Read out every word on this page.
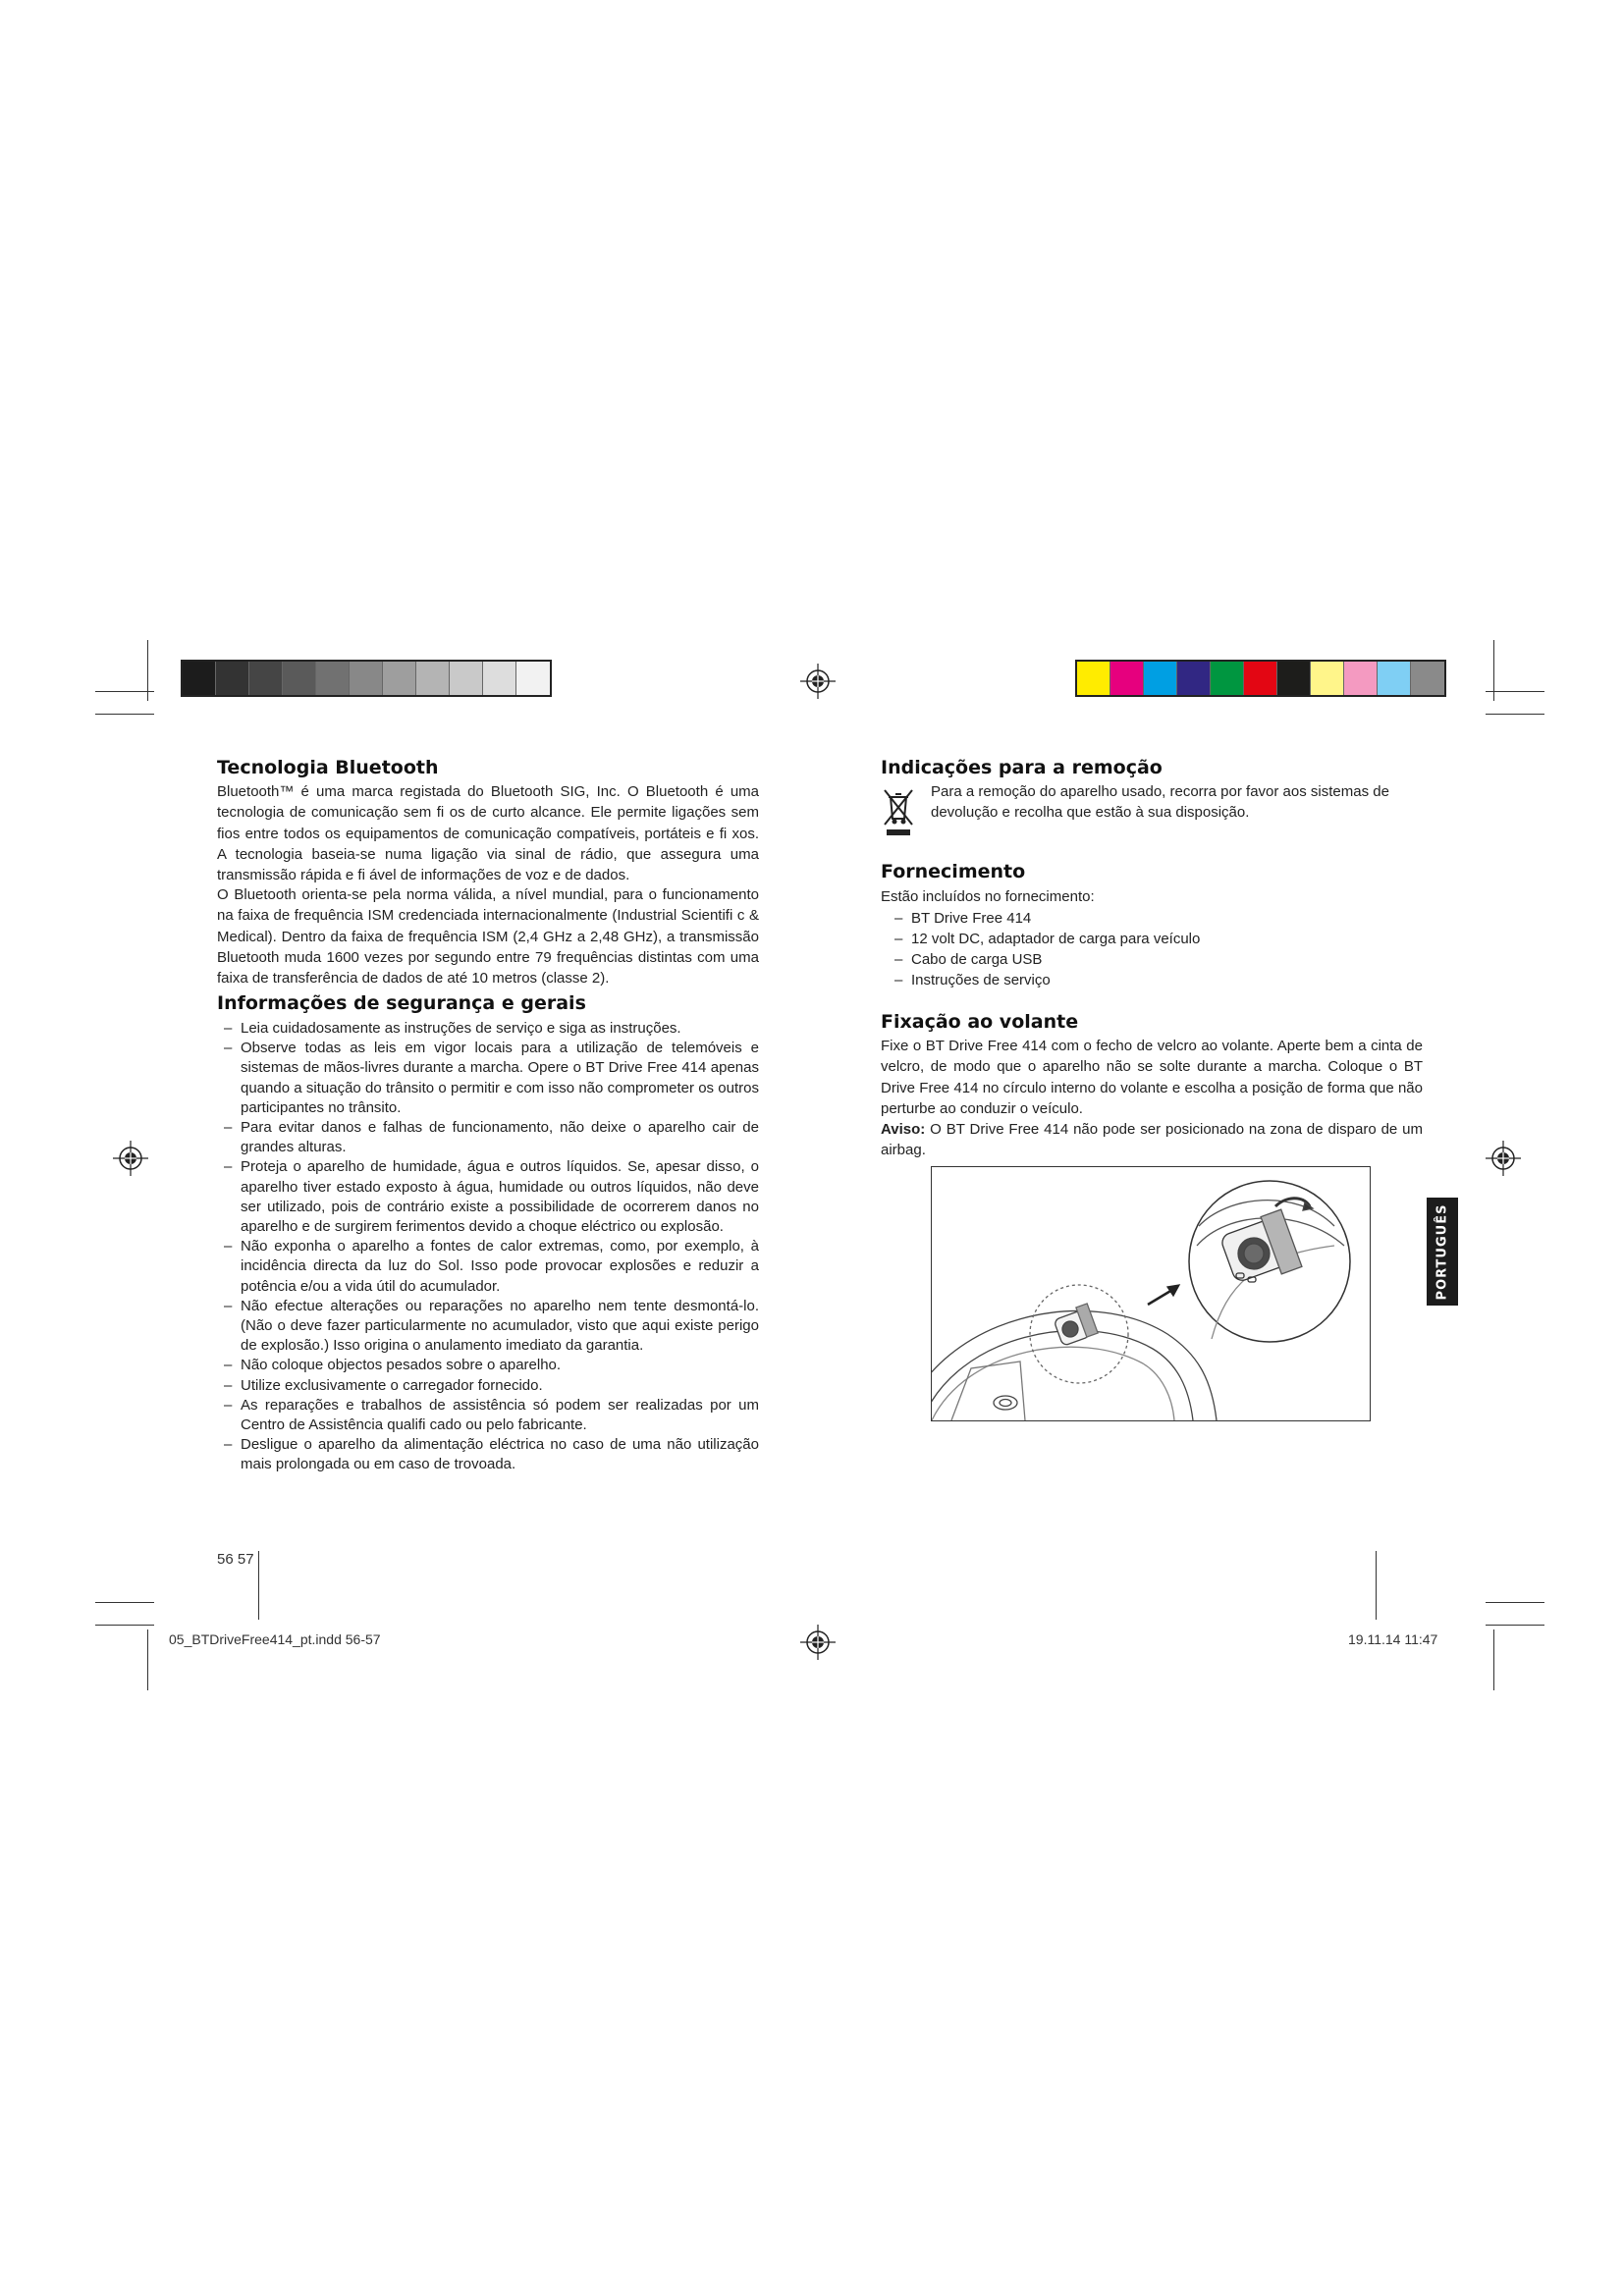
Tecnologia Bluetooth

Bluetooth™ é uma marca registada do Bluetooth SIG, Inc. O Bluetooth é uma tecnologia de comunicação sem fi os de curto alcance. Ele permite ligações sem fios entre todos os equipamentos de comunicação compatíveis, portáteis e fi xos. A tecnologia baseia-se numa ligação via sinal de rádio, que assegura uma transmissão rápida e fi ável de informações de voz e de dados.

O Bluetooth orienta-se pela norma válida, a nível mundial, para o funcionamento na faixa de frequência ISM credenciada internacionalmente (Industrial Scientifi c & Medical). Dentro da faixa de frequência ISM (2,4 GHz a 2,48 GHz), a transmissão Bluetooth muda 1600 vezes por segundo entre 79 frequências distintas com uma faixa de transferência de dados de até 10 metros (classe 2).

Informações de segurança e gerais
– Leia cuidadosamente as instruções de serviço e siga as instruções.
– Observe todas as leis em vigor locais para a utilização de telemóveis e sistemas de mãos-livres durante a marcha. Opere o BT Drive Free 414 apenas quando a situação do trânsito o permitir e com isso não comprometer os outros participantes no trânsito.
– Para evitar danos e falhas de funcionamento, não deixe o aparelho cair de grandes alturas.
– Proteja o aparelho de humidade, água e outros líquidos. Se, apesar disso, o aparelho tiver estado exposto à água, humidade ou outros líquidos, não deve ser utilizado, pois de contrário existe a possibilidade de ocorrerem danos no aparelho e de surgirem ferimentos devido a choque eléctrico ou explosão.
– Não exponha o aparelho a fontes de calor extremas, como, por exemplo, à incidência directa da luz do Sol. Isso pode provocar explosões e reduzir a potência e/ou a vida útil do acumulador.
– Não efectue alterações ou reparações no aparelho nem tente desmontá-lo. (Não o deve fazer particularmente no acumulador, visto que aqui existe perigo de explosão.) Isso origina o anulamento imediato da garantia.
– Não coloque objectos pesados sobre o aparelho.
– Utilize exclusivamente o carregador fornecido.
– As reparações e trabalhos de assistência só podem ser realizadas por um Centro de Assistência qualifi cado ou pelo fabricante.
– Desligue o aparelho da alimentação eléctrica no caso de uma não utilização mais prolongada ou em caso de trovoada.
56 57
Indicações para a remoção

Para a remoção do aparelho usado, recorra por favor aos sistemas de devolução e recolha que estão à sua disposição.

Fornecimento

Estão incluídos no fornecimento:

– BT Drive Free 414
– 12 volt DC, adaptador de carga para veículo
– Cabo de carga USB
– Instruções de serviço
Fixação ao volante

Fixe o BT Drive Free 414 com o fecho de velcro ao volante. Aperte bem a cinta de velcro, de modo que o aparelho não se solte durante a marcha. Coloque o BT Drive Free 414 no círculo interno do volante e escolha a posição de forma que não perturbe ao conduzir o veículo.
Aviso: O BT Drive Free 414 não pode ser posicionado na zona de disparo de um airbag.

PORTUGUÊS
05_BTDriveFree414_pt.indd 56-57	19.11.14 11:47
